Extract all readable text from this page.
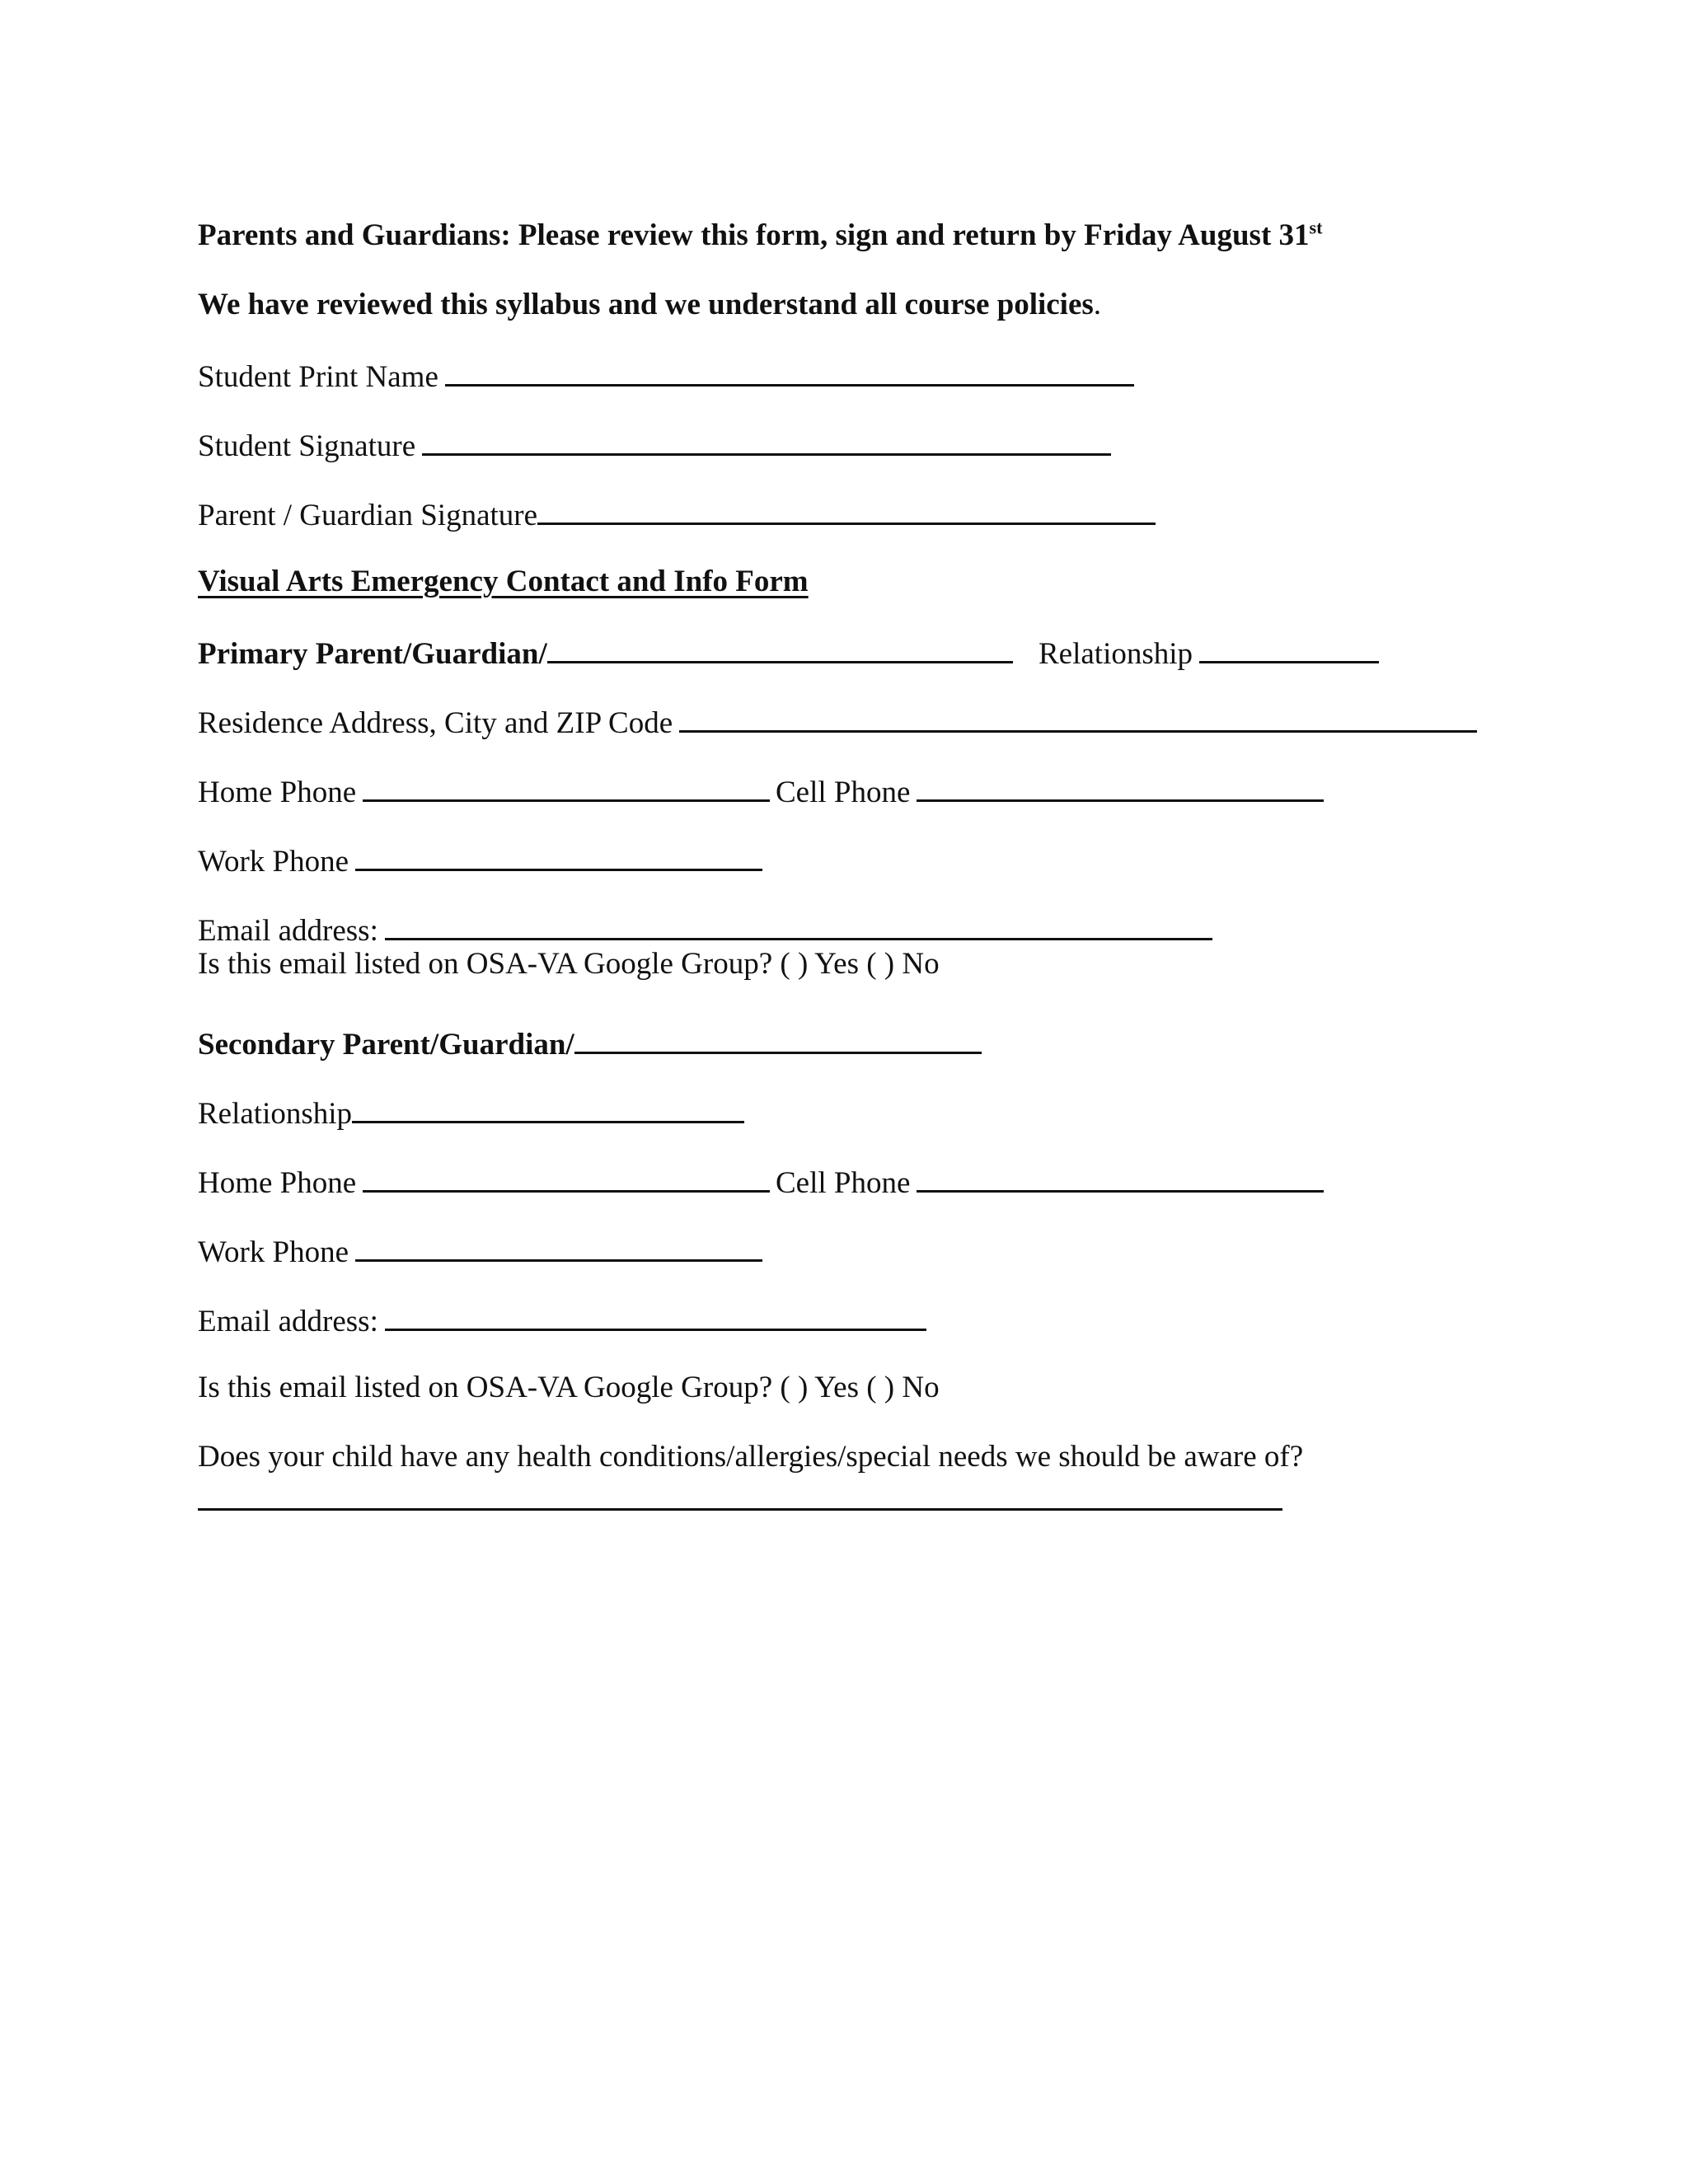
Parents and Guardians: Please review this form, sign and return by Friday August 31st
We have reviewed this syllabus and we understand all course policies.
Student Print Name
Student Signature
Parent / Guardian Signature
Visual Arts Emergency Contact and Info Form
Primary Parent/Guardian/	Relationship
Residence Address, City and ZIP Code
Home Phone	Cell Phone
Work Phone
Email address:
Is this email listed on OSA-VA Google Group? ( ) Yes ( ) No
Secondary Parent/Guardian/
Relationship
Home Phone	Cell Phone
Work Phone
Email address:
Is this email listed on OSA-VA Google Group? ( ) Yes ( ) No
Does your child have any health conditions/allergies/special needs we should be aware of?
